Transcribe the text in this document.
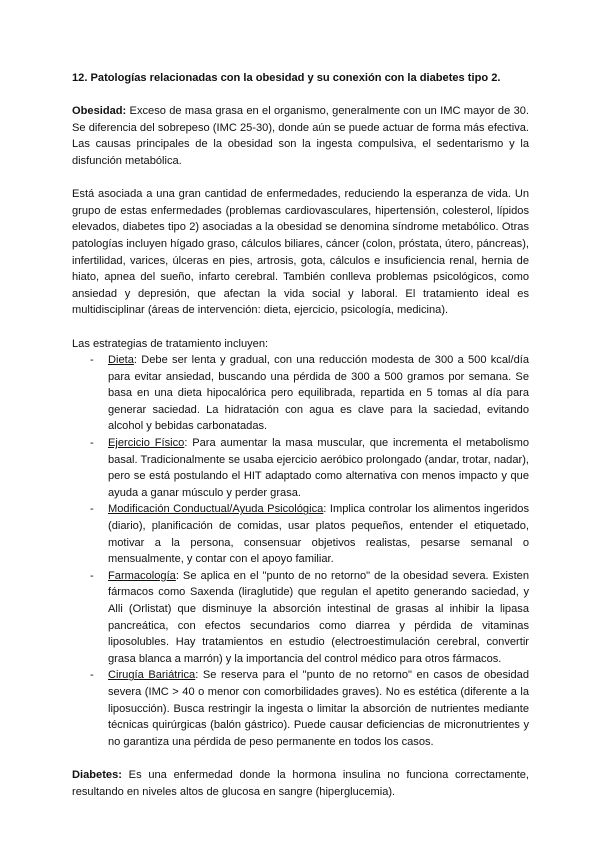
12. Patologías relacionadas con la obesidad y su conexión con la diabetes tipo 2.

Obesidad: Exceso de masa grasa en el organismo, generalmente con un IMC mayor de 30. Se diferencia del sobrepeso (IMC 25-30), donde aún se puede actuar de forma más efectiva. Las causas principales de la obesidad son la ingesta compulsiva, el sedentarismo y la disfunción metabólica.

Está asociada a una gran cantidad de enfermedades, reduciendo la esperanza de vida. Un grupo de estas enfermedades (problemas cardiovasculares, hipertensión, colesterol, lípidos elevados, diabetes tipo 2) asociadas a la obesidad se denomina síndrome metabólico. Otras patologías incluyen hígado graso, cálculos biliares, cáncer (colon, próstata, útero, páncreas), infertilidad, varices, úlceras en pies, artrosis, gota, cálculos e insuficiencia renal, hernia de hiato, apnea del sueño, infarto cerebral. También conlleva problemas psicológicos, como ansiedad y depresión, que afectan la vida social y laboral. El tratamiento ideal es multidisciplinar (áreas de intervención: dieta, ejercicio, psicología, medicina).

Las estrategias de tratamiento incluyen:

- Dieta: Debe ser lenta y gradual, con una reducción modesta de 300 a 500 kcal/día para evitar ansiedad, buscando una pérdida de 300 a 500 gramos por semana. Se basa en una dieta hipocalórica pero equilibrada, repartida en 5 tomas al día para generar saciedad. La hidratación con agua es clave para la saciedad, evitando alcohol y bebidas carbonatadas.
- Ejercicio Físico: Para aumentar la masa muscular, que incrementa el metabolismo basal. Tradicionalmente se usaba ejercicio aeróbico prolongado (andar, trotar, nadar), pero se está postulando el HIT adaptado como alternativa con menos impacto y que ayuda a ganar músculo y perder grasa.
- Modificación Conductual/Ayuda Psicológica: Implica controlar los alimentos ingeridos (diario), planificación de comidas, usar platos pequeños, entender el etiquetado, motivar a la persona, consensuar objetivos realistas, pesarse semanal o mensualmente, y contar con el apoyo familiar.
- Farmacología: Se aplica en el "punto de no retorno" de la obesidad severa. Existen fármacos como Saxenda (liraglutide) que regulan el apetito generando saciedad, y Alli (Orlistat) que disminuye la absorción intestinal de grasas al inhibir la lipasa pancreática, con efectos secundarios como diarrea y pérdida de vitaminas liposolubles. Hay tratamientos en estudio (electroestimulación cerebral, convertir grasa blanca a marrón) y la importancia del control médico para otros fármacos.
- Cirugía Bariátrica: Se reserva para el "punto de no retorno" en casos de obesidad severa (IMC > 40 o menor con comorbilidades graves). No es estética (diferente a la liposucción). Busca restringir la ingesta o limitar la absorción de nutrientes mediante técnicas quirúrgicas (balón gástrico). Puede causar deficiencias de micronutrientes y no garantiza una pérdida de peso permanente en todos los casos.

Diabetes: Es una enfermedad donde la hormona insulina no funciona correctamente, resultando en niveles altos de glucosa en sangre (hiperglucemia).
